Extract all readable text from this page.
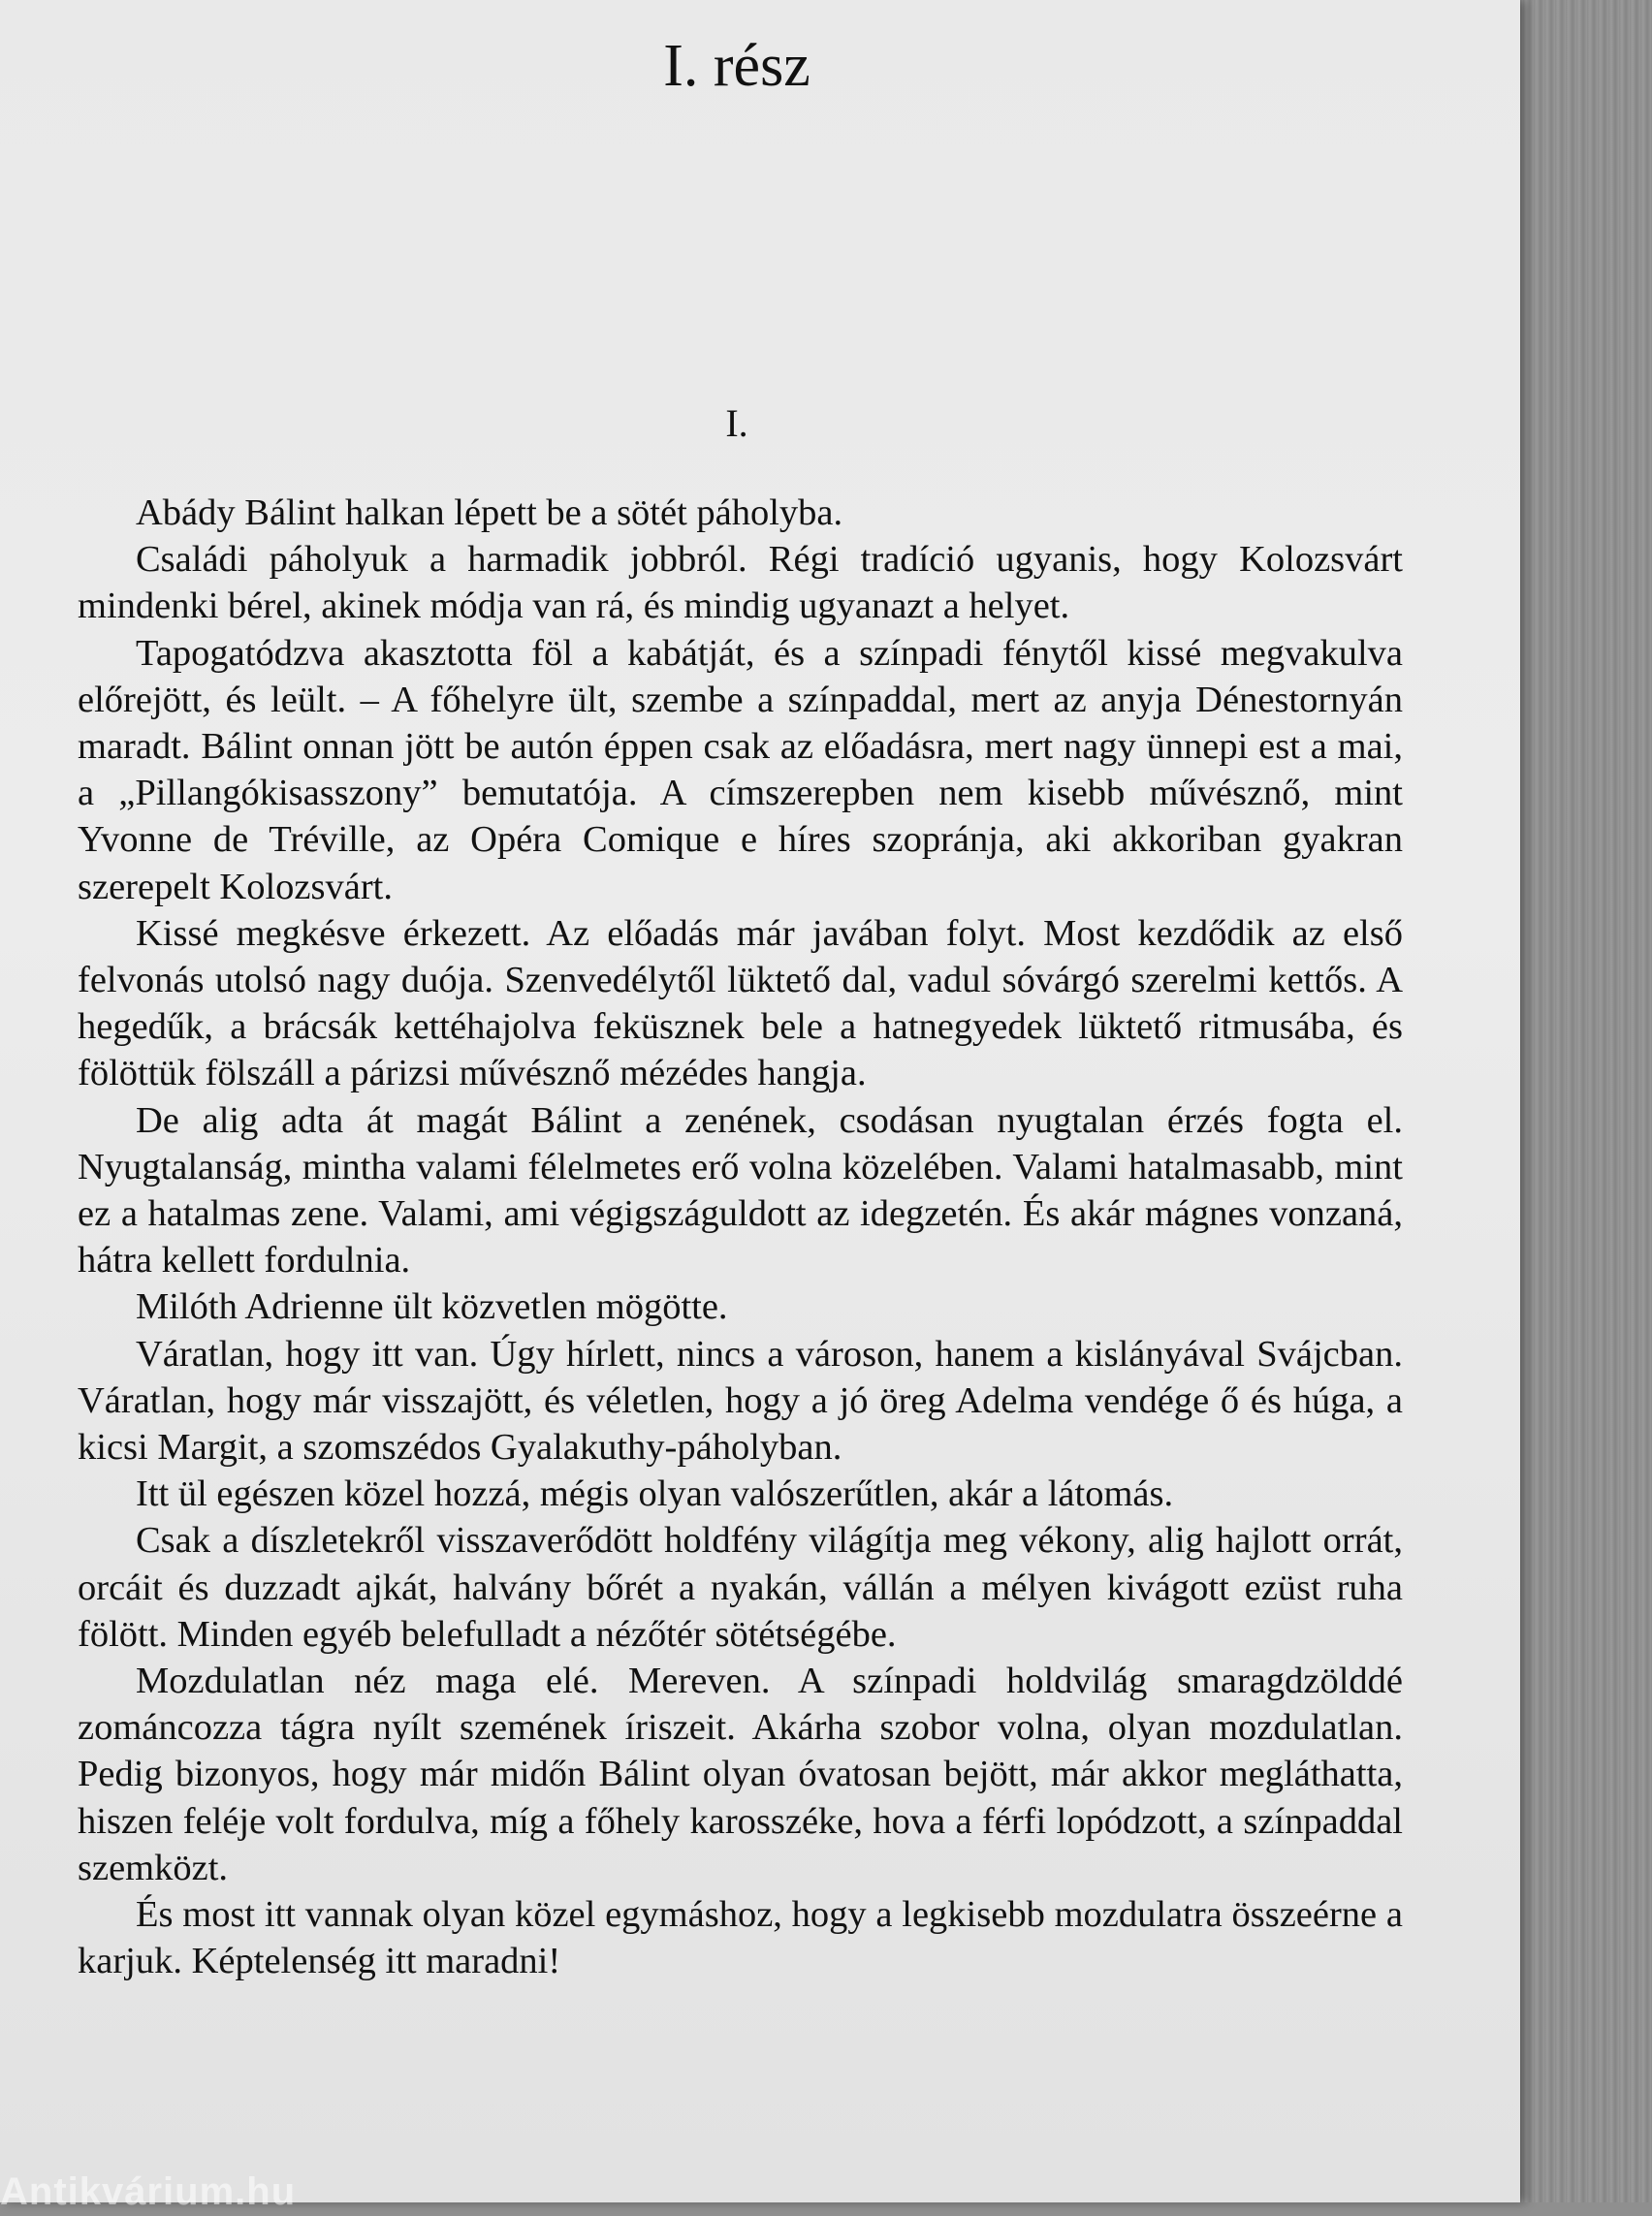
I. rész
I.

Abády Bálint halkan lépett be a sötét páholyba.

Családi páholyuk a harmadik jobbról. Régi tradíció ugyanis, hogy Kolozsvárt mindenki bérel, akinek módja van rá, és mindig ugyanazt a helyet.

Tapogatódzva akasztotta föl a kabátját, és a színpadi fénytől kissé megvakulva előrejött, és leült. – A főhelyre ült, szembe a színpaddal, mert az anyja Dénestornyán maradt. Bálint onnan jött be autón éppen csak az előadásra, mert nagy ünnepi est a mai, a „Pillangókisasszony” bemutatója. A címszerepben nem kisebb művésznő, mint Yvonne de Tréville, az Opéra Comique e híres szopránja, aki akkoriban gyakran szerepelt Kolozsvárt.

Kissé megkésve érkezett. Az előadás már javában folyt. Most kezdődik az első felvonás utolsó nagy duója. Szenvedélytől lüktető dal, vadul sóvárgó szerelmi kettős. A hegedűk, a brácsák kettéhajolva feküsznek bele a hatnegyedek lüktető ritmusába, és fölöttük fölszáll a párizsi művésznő mézédes hangja.

De alig adta át magát Bálint a zenének, csodásan nyugtalan érzés fogta el. Nyugtalanság, mintha valami félelmetes erő volna közelében. Valami hatalmasabb, mint ez a hatalmas zene. Valami, ami végigszáguldott az idegzetén. És akár mágnes vonzaná, hátra kellett fordulnia.

Milóth Adrienne ült közvetlen mögötte.

Váratlan, hogy itt van. Úgy hírlett, nincs a városon, hanem a kislányával Svájcban. Váratlan, hogy már visszajött, és véletlen, hogy a jó öreg Adelma vendége ő és húga, a kicsi Margit, a szomszédos Gyalakuthy-páholyban.

Itt ül egészen közel hozzá, mégis olyan valószerűtlen, akár a látomás.

Csak a díszletekről visszaverődött holdfény világítja meg vékony, alig hajlott orrát, orcáit és duzzadt ajkát, halvány bőrét a nyakán, vállán a mélyen kivágott ezüst ruha fölött. Minden egyéb belefulladt a nézőtér sötétségébe.

Mozdulatlan néz maga elé. Mereven. A színpadi holdvilág smaragdzölddé zománcozza tágra nyílt szemének íriszeit. Akárha szobor volna, olyan mozdulatlan. Pedig bizonyos, hogy már midőn Bálint olyan óvatosan bejött, már akkor megláthatta, hiszen feléje volt fordulva, míg a főhely karosszéke, hova a férfi lopódzott, a színpaddal szemközt.

És most itt vannak olyan közel egymáshoz, hogy a legkisebb mozdulatra összeérne a karjuk. Képtelenség itt maradni!

Antikvárium.hu
